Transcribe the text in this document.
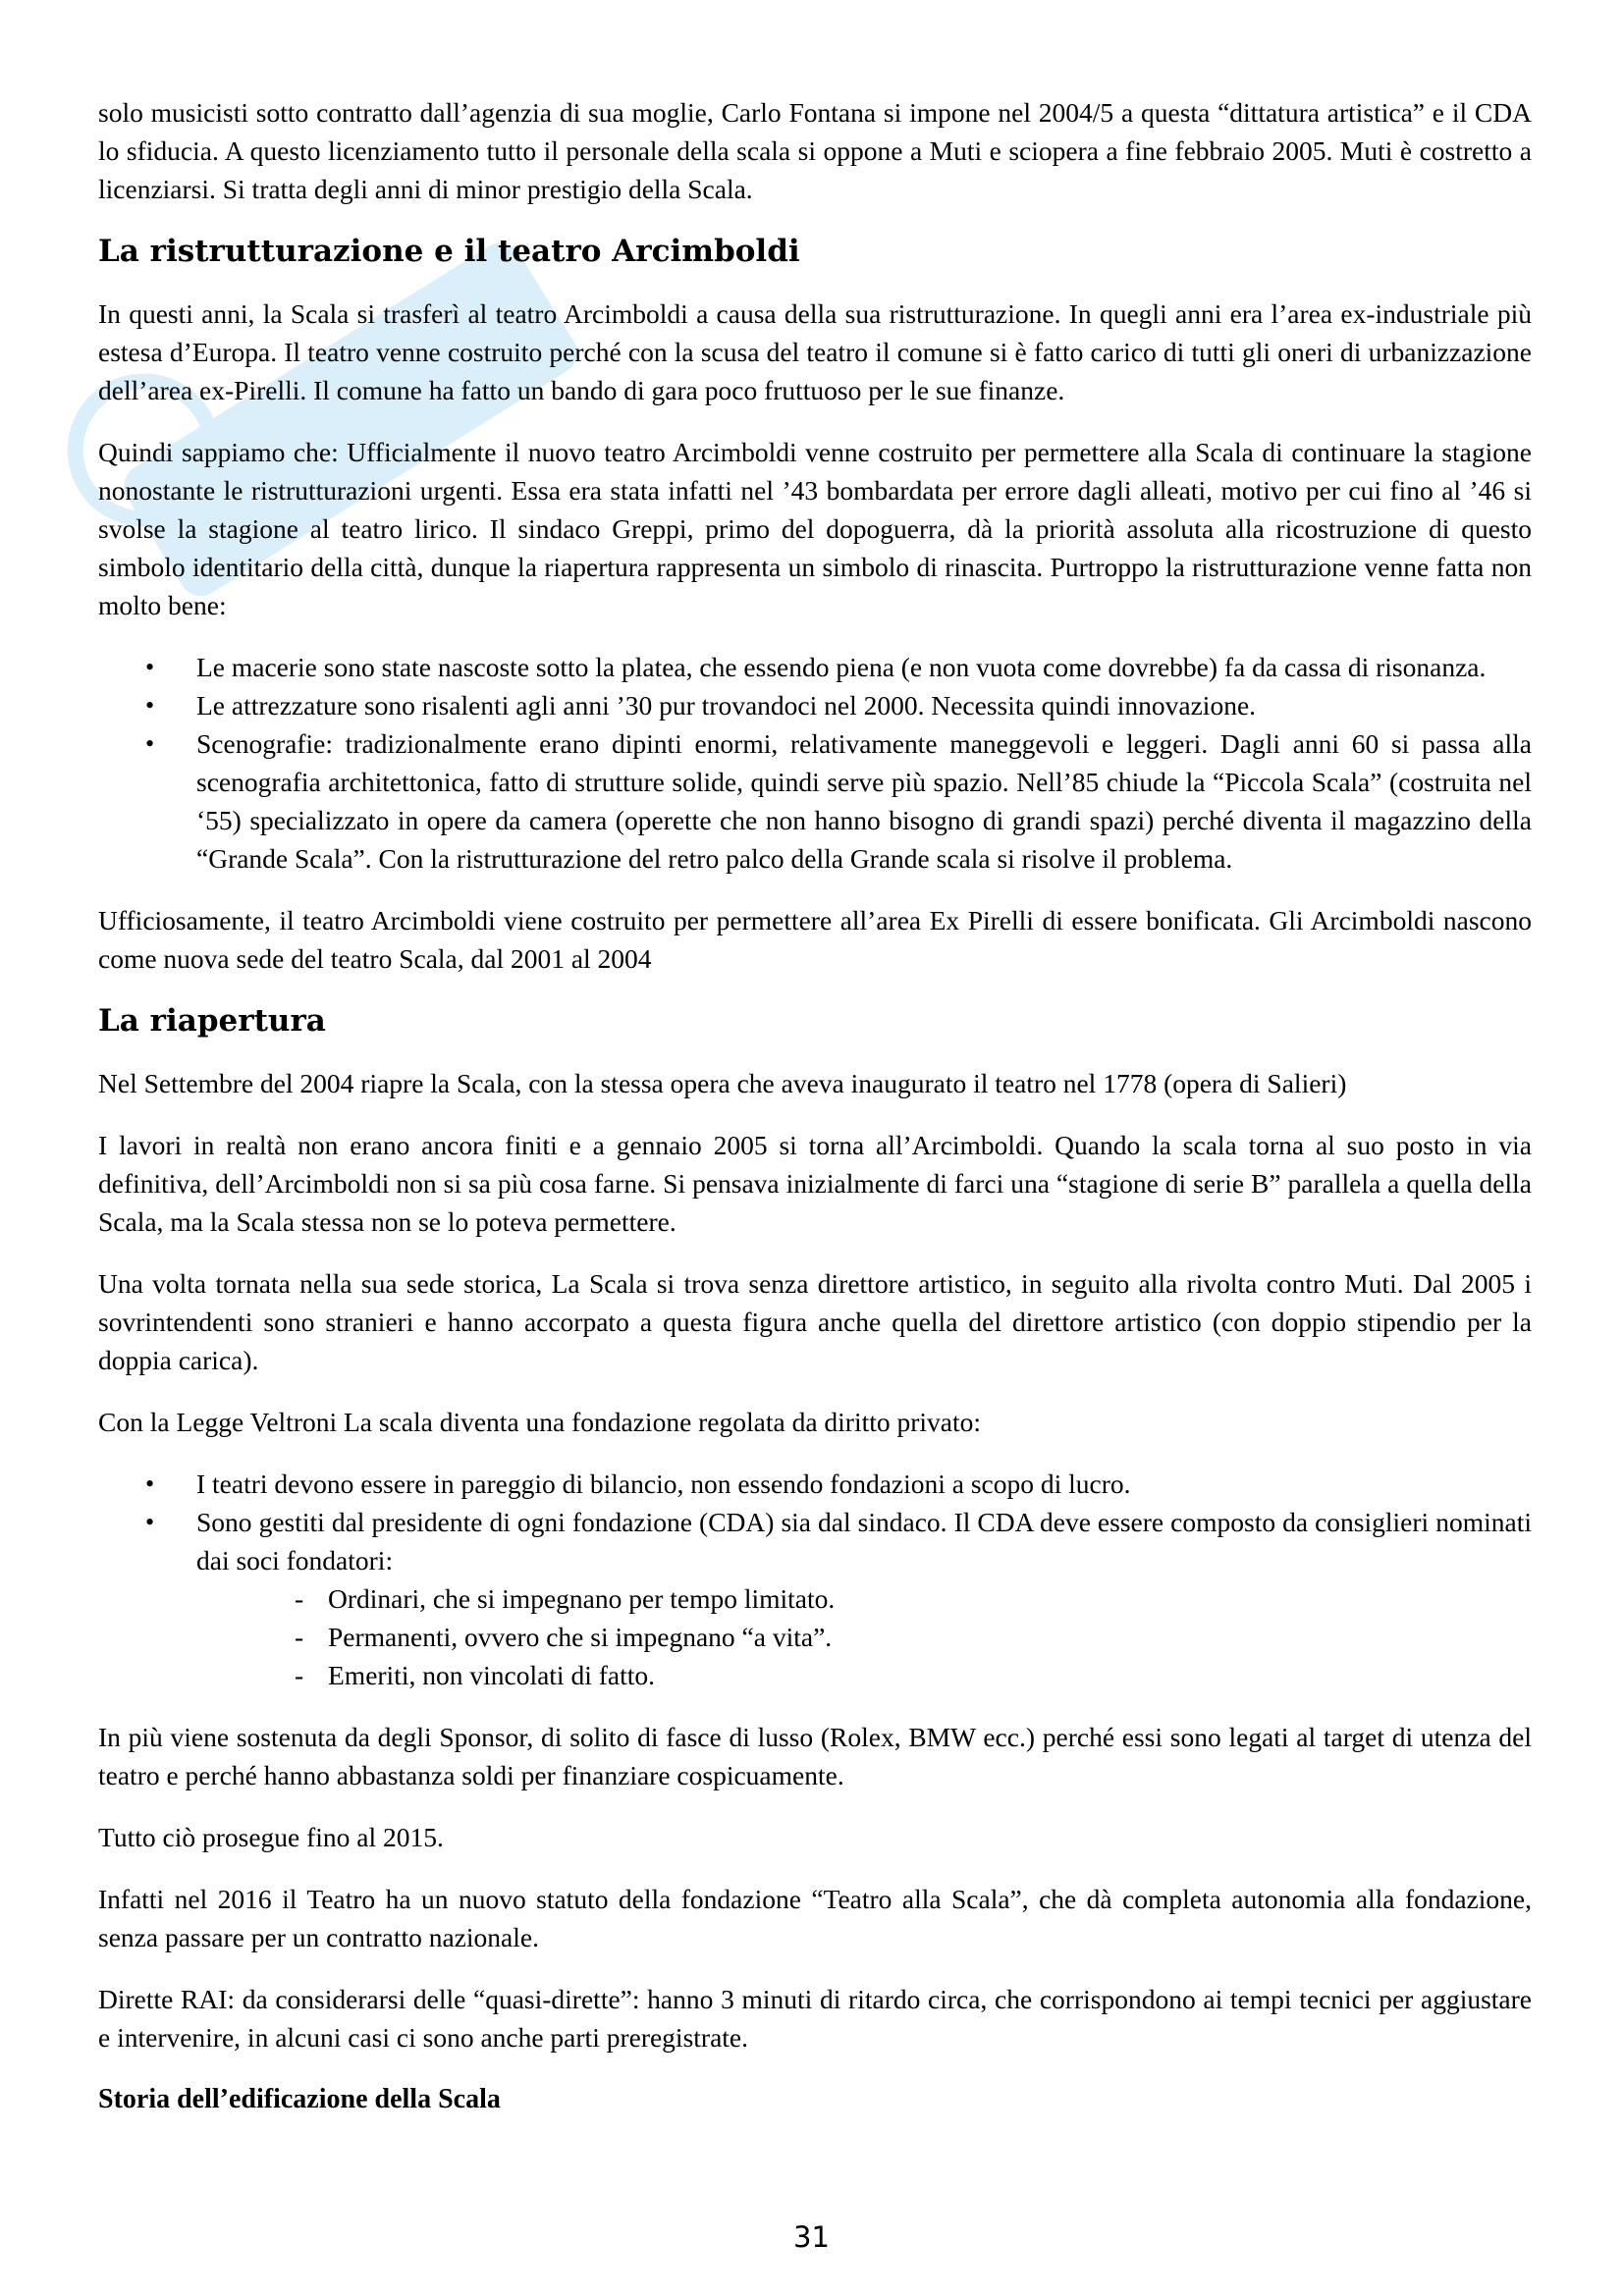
solo musicisti sotto contratto dall’agenzia di sua moglie, Carlo Fontana si impone nel 2004/5 a questa “dittatura artistica” e il CDA lo sfiducia. A questo licenziamento tutto il personale della scala si oppone a Muti e sciopera a fine febbraio 2005. Muti è costretto a licenziarsi. Si tratta degli anni di minor prestigio della Scala.

La ristrutturazione e il teatro Arcimboldi

In questi anni, la Scala si trasferì al teatro Arcimboldi a causa della sua ristrutturazione. In quegli anni era l’area ex-industriale più estesa d’Europa. Il teatro venne costruito perché con la scusa del teatro il comune si è fatto carico di tutti gli oneri di urbanizzazione dell’area ex-Pirelli. Il comune ha fatto un bando di gara poco fruttuoso per le sue finanze.

Quindi sappiamo che: Ufficialmente il nuovo teatro Arcimboldi venne costruito per permettere alla Scala di continuare la stagione nonostante le ristrutturazioni urgenti. Essa era stata infatti nel ’43 bombardata per errore dagli alleati, motivo per cui fino al ’46 si svolse la stagione al teatro lirico. Il sindaco Greppi, primo del dopoguerra, dà la priorità assoluta alla ricostruzione di questo simbolo identitario della città, dunque la riapertura rappresenta un simbolo di rinascita. Purtroppo la ristrutturazione venne fatta non molto bene:

• Le macerie sono state nascoste sotto la platea, che essendo piena (e non vuota come dovrebbe) fa da cassa di risonanza.
• Le attrezzature sono risalenti agli anni ’30 pur trovandoci nel 2000. Necessita quindi innovazione.
• Scenografie: tradizionalmente erano dipinti enormi, relativamente maneggevoli e leggeri. Dagli anni 60 si passa alla scenografia architettonica, fatto di strutture solide, quindi serve più spazio. Nell’85 chiude la “Piccola Scala” (costruita nel ‘55) specializzato in opere da camera (operette che non hanno bisogno di grandi spazi) perché diventa il magazzino della “Grande Scala”. Con la ristrutturazione del retro palco della Grande scala si risolve il problema.

Ufficiosamente, il teatro Arcimboldi viene costruito per permettere all’area Ex Pirelli di essere bonificata. Gli Arcimboldi nascono come nuova sede del teatro Scala, dal 2001 al 2004

La riapertura

Nel Settembre del 2004 riapre la Scala, con la stessa opera che aveva inaugurato il teatro nel 1778 (opera di Salieri)

I lavori in realtà non erano ancora finiti e a gennaio 2005 si torna all’Arcimboldi. Quando la scala torna al suo posto in via definitiva, dell’Arcimboldi non si sa più cosa farne. Si pensava inizialmente di farci una “stagione di serie B” parallela a quella della Scala, ma la Scala stessa non se lo poteva permettere.

Una volta tornata nella sua sede storica, La Scala si trova senza direttore artistico, in seguito alla rivolta contro Muti. Dal 2005 i sovrintendenti sono stranieri e hanno accorpato a questa figura anche quella del direttore artistico (con doppio stipendio per la doppia carica).

Con la Legge Veltroni La scala diventa una fondazione regolata da diritto privato:

• I teatri devono essere in pareggio di bilancio, non essendo fondazioni a scopo di lucro.
• Sono gestiti dal presidente di ogni fondazione (CDA) sia dal sindaco. Il CDA deve essere composto da consiglieri nominati dai soci fondatori:
- Ordinari, che si impegnano per tempo limitato.
- Permanenti, ovvero che si impegnano “a vita”.
- Emeriti, non vincolati di fatto.

In più viene sostenuta da degli Sponsor, di solito di fasce di lusso (Rolex, BMW ecc.) perché essi sono legati al target di utenza del teatro e perché hanno abbastanza soldi per finanziare cospicuamente.

Tutto ciò prosegue fino al 2015.

Infatti nel 2016 il Teatro ha un nuovo statuto della fondazione “Teatro alla Scala”, che dà completa autonomia alla fondazione, senza passare per un contratto nazionale.

Dirette RAI: da considerarsi delle “quasi-dirette”: hanno 3 minuti di ritardo circa, che corrispondono ai tempi tecnici per aggiustare e intervenire, in alcuni casi ci sono anche parti preregistrate.

Storia dell’edificazione della Scala
31
